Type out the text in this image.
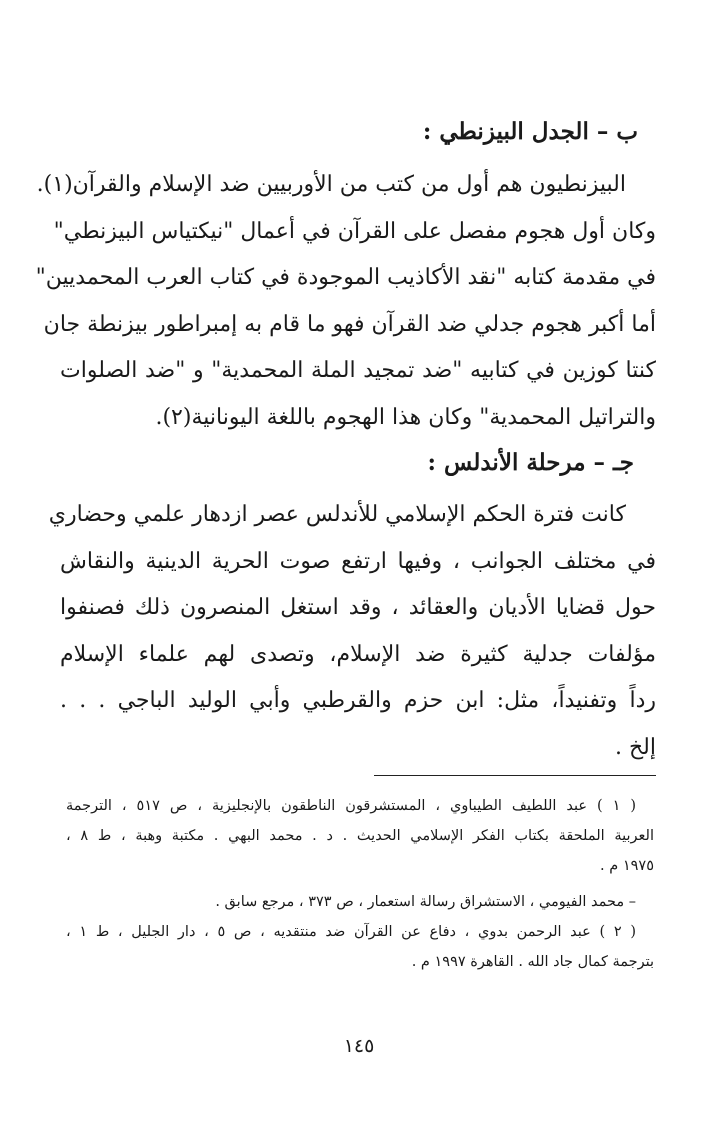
ب – الجدل البيزنطي :

البيزنطيون هم أول من كتب من الأوربيين ضد الإسلام والقرآن(١).
وكان أول هجوم مفصل على القرآن في أعمال "نيكتياس البيزنطي"
في مقدمة كتابه "نقد الأكاذيب الموجودة في كتاب العرب المحمديين"
أما أكبر هجوم جدلي ضد القرآن فهو ما قام به إمبراطور بيزنطة جان
كنتا كوزين في كتابيه "ضد تمجيد الملة المحمدية" و "ضد الصلوات
والتراتيل المحمدية" وكان هذا الهجوم باللغة اليونانية(٢).

جـ – مرحلة الأندلس :

كانت فترة الحكم الإسلامي للأندلس عصر ازدهار علمي وحضاري
في مختلف الجوانب ، وفيها ارتفع صوت الحرية الدينية والنقاش
حول قضايا الأديان والعقائد ، وقد استغل المنصرون ذلك فصنفوا
مؤلفات جدلية كثيرة ضد الإسلام، وتصدى لهم علماء الإسلام
رداً وتفنيداً، مثل: ابن حزم والقرطبي وأبي الوليد الباجي . . .
إلخ .

( ١ ) عبد اللطيف الطيباوي ، المستشرقون الناطقون بالإنجليزية ، ص ٥١٧ ، الترجمة
العربية الملحقة بكتاب الفكر الإسلامي الحديث . د . محمد البهي . مكتبة وهبة ، ط ٨ ،
١٩٧٥ م .
– محمد الفيومي ، الاستشراق رسالة استعمار ، ص ٣٧٣ ، مرجع سابق .
( ٢ ) عبد الرحمن بدوي ، دفاع عن القرآن ضد منتقديه ، ص ٥ ، دار الجليل ، ط ١ ،
بترجمة كمال جاد الله . القاهرة ١٩٩٧ م .
١٤٥
